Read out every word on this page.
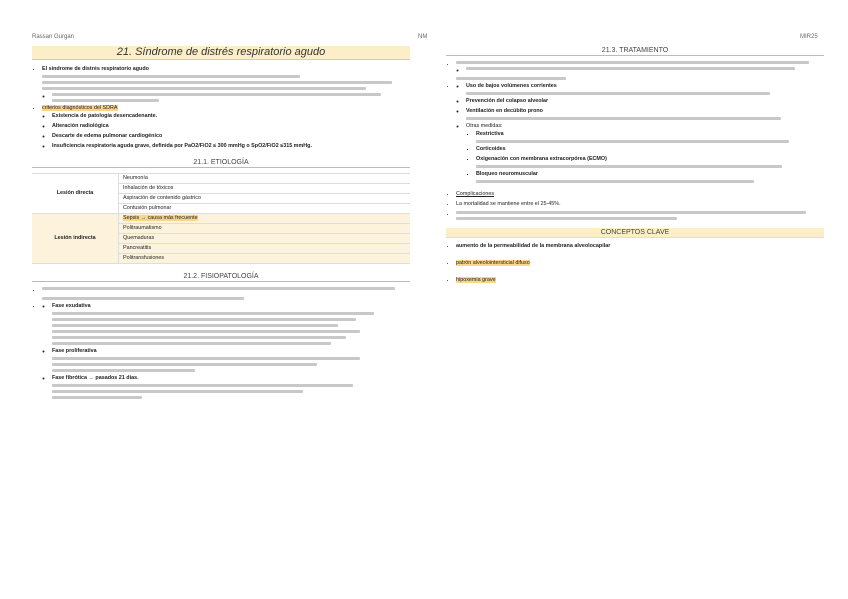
Rassan Gurgan	NM	MIR25
21. Síndrome de distrés respiratorio agudo
• El síndrome de distrés respiratorio agudo
◦
• criterios diagnósticos del SDRA
◦ Existencia de patología desencadenante.
◦ Alteración radiológica
◦ Descarte de edema pulmonar cardiogénico
◦ Insuficiencia respiratoria aguda grave, definida por PaO2/FiO2 ≤ 300 mmHg o SpO2/FiO2 ≤315 mmHg.
21.1. ETIOLOGÍA
Lesión directa	Neumonía
	Inhalación de tóxicos
	Aspiración de contenido gástrico
	Contusión pulmonar
Lesión indirecta	Sepsis → causa más frecuente
	Politraumatismo
	Quemaduras
	Pancreatitis
	Politransfusiones
21.2. FISIOPATOLOGÍA
•
◦ • Fase exudativa
◦ Fase proliferativa
◦ Fase fibrótica → pasados 21 días.
21.3. TRATAMIENTO
•
◦
◦ • Uso de bajos volúmenes corrientes
◦ Prevención del colapso alveolar
◦ Ventilación en decúbito prono
◦ Otras medidas:
▪ Restrictiva
▪ Corticoides
▪ Oxigenación con membrana extracorpórea (ECMO)
▪ Bloqueo neuromuscular
• Complicaciones
• La mortalidad se mantiene entre el 25-45%.
•
CONCEPTOS CLAVE
• aumento de la permeabilidad de la membrana alveolocapilar
• patrón alveolointersticial difuso
• hipoxemia grave
